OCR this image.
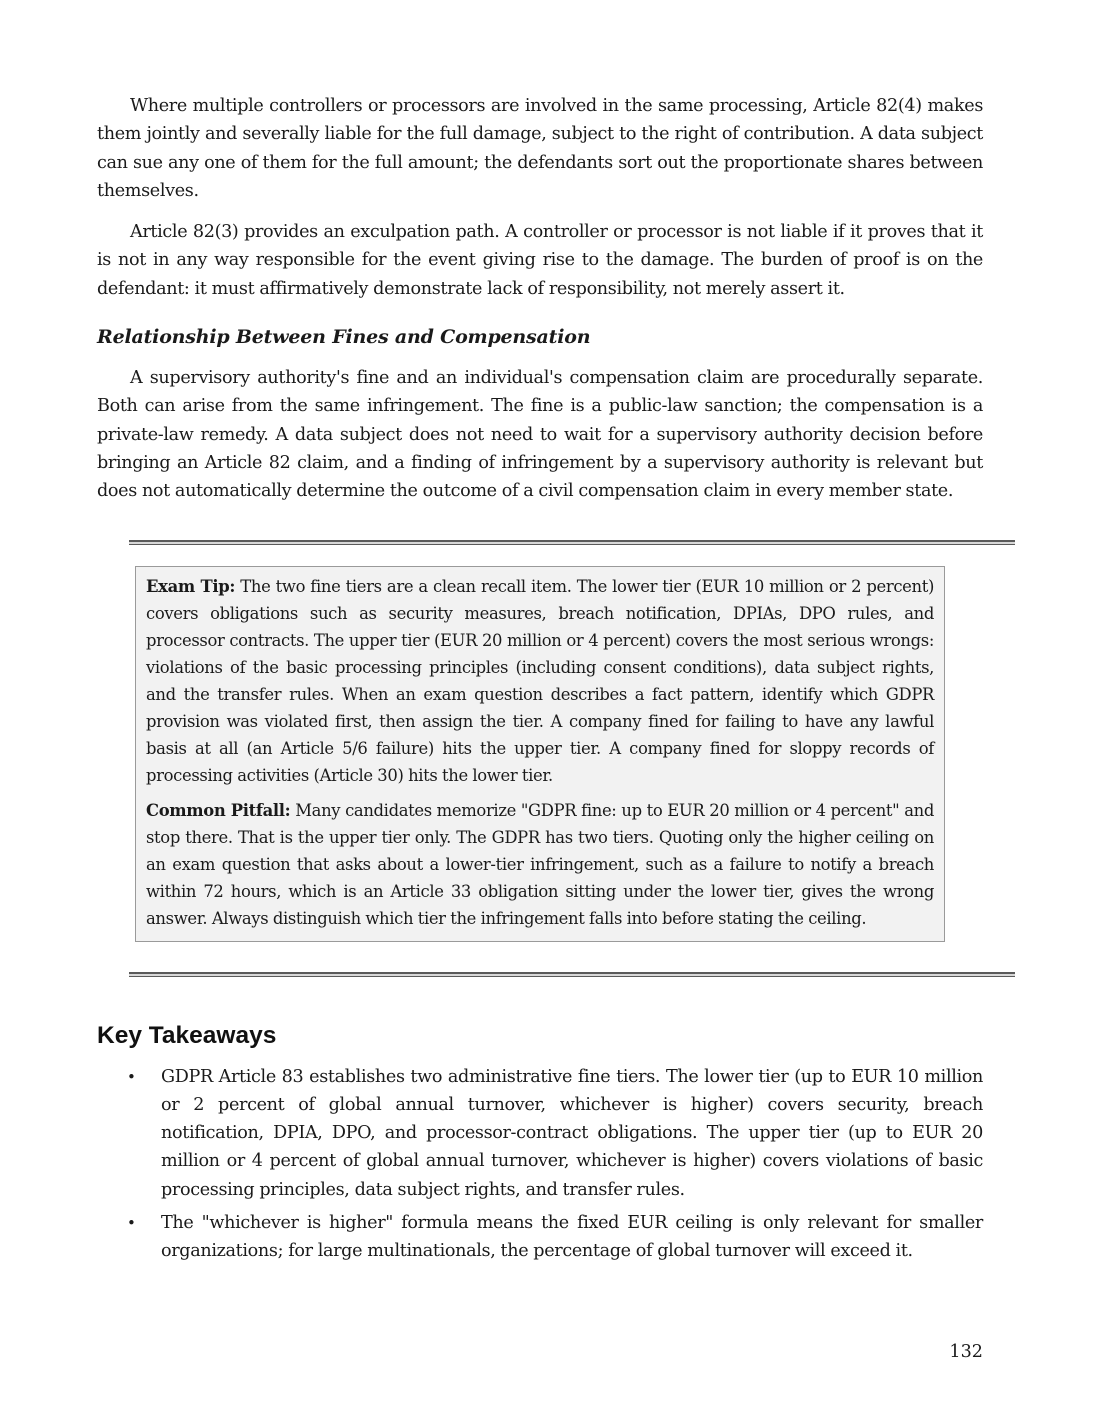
Where multiple controllers or processors are involved in the same processing, Article 82(4) makes them jointly and severally liable for the full damage, subject to the right of contribution. A data subject can sue any one of them for the full amount; the defendants sort out the proportionate shares between themselves.

Article 82(3) provides an exculpation path. A controller or processor is not liable if it proves that it is not in any way responsible for the event giving rise to the damage. The burden of proof is on the defendant: it must affirmatively demonstrate lack of responsibility, not merely assert it.

Relationship Between Fines and Compensation

A supervisory authority's fine and an individual's compensation claim are procedurally separate. Both can arise from the same infringement. The fine is a public-law sanction; the compensation is a private-law remedy. A data subject does not need to wait for a supervisory authority decision before bringing an Article 82 claim, and a finding of infringement by a supervisory authority is relevant but does not automatically determine the outcome of a civil compensation claim in every member state.

Exam Tip: The two fine tiers are a clean recall item. The lower tier (EUR 10 million or 2 percent) covers obligations such as security measures, breach notification, DPIAs, DPO rules, and processor contracts. The upper tier (EUR 20 million or 4 percent) covers the most serious wrongs: violations of the basic processing principles (including consent conditions), data subject rights, and the transfer rules. When an exam question describes a fact pattern, identify which GDPR provision was violated first, then assign the tier. A company fined for failing to have any lawful basis at all (an Article 5/6 failure) hits the upper tier. A company fined for sloppy records of processing activities (Article 30) hits the lower tier.

Common Pitfall: Many candidates memorize "GDPR fine: up to EUR 20 million or 4 percent" and stop there. That is the upper tier only. The GDPR has two tiers. Quoting only the higher ceiling on an exam question that asks about a lower-tier infringement, such as a failure to notify a breach within 72 hours, which is an Article 33 obligation sitting under the lower tier, gives the wrong answer. Always distinguish which tier the infringement falls into before stating the ceiling.

Key Takeaways
• GDPR Article 83 establishes two administrative fine tiers. The lower tier (up to EUR 10 million or 2 percent of global annual turnover, whichever is higher) covers security, breach notification, DPIA, DPO, and processor-contract obligations. The upper tier (up to EUR 20 million or 4 percent of global annual turnover, whichever is higher) covers violations of basic processing principles, data subject rights, and transfer rules.
• The "whichever is higher" formula means the fixed EUR ceiling is only relevant for smaller organizations; for large multinationals, the percentage of global turnover will exceed it.
132
